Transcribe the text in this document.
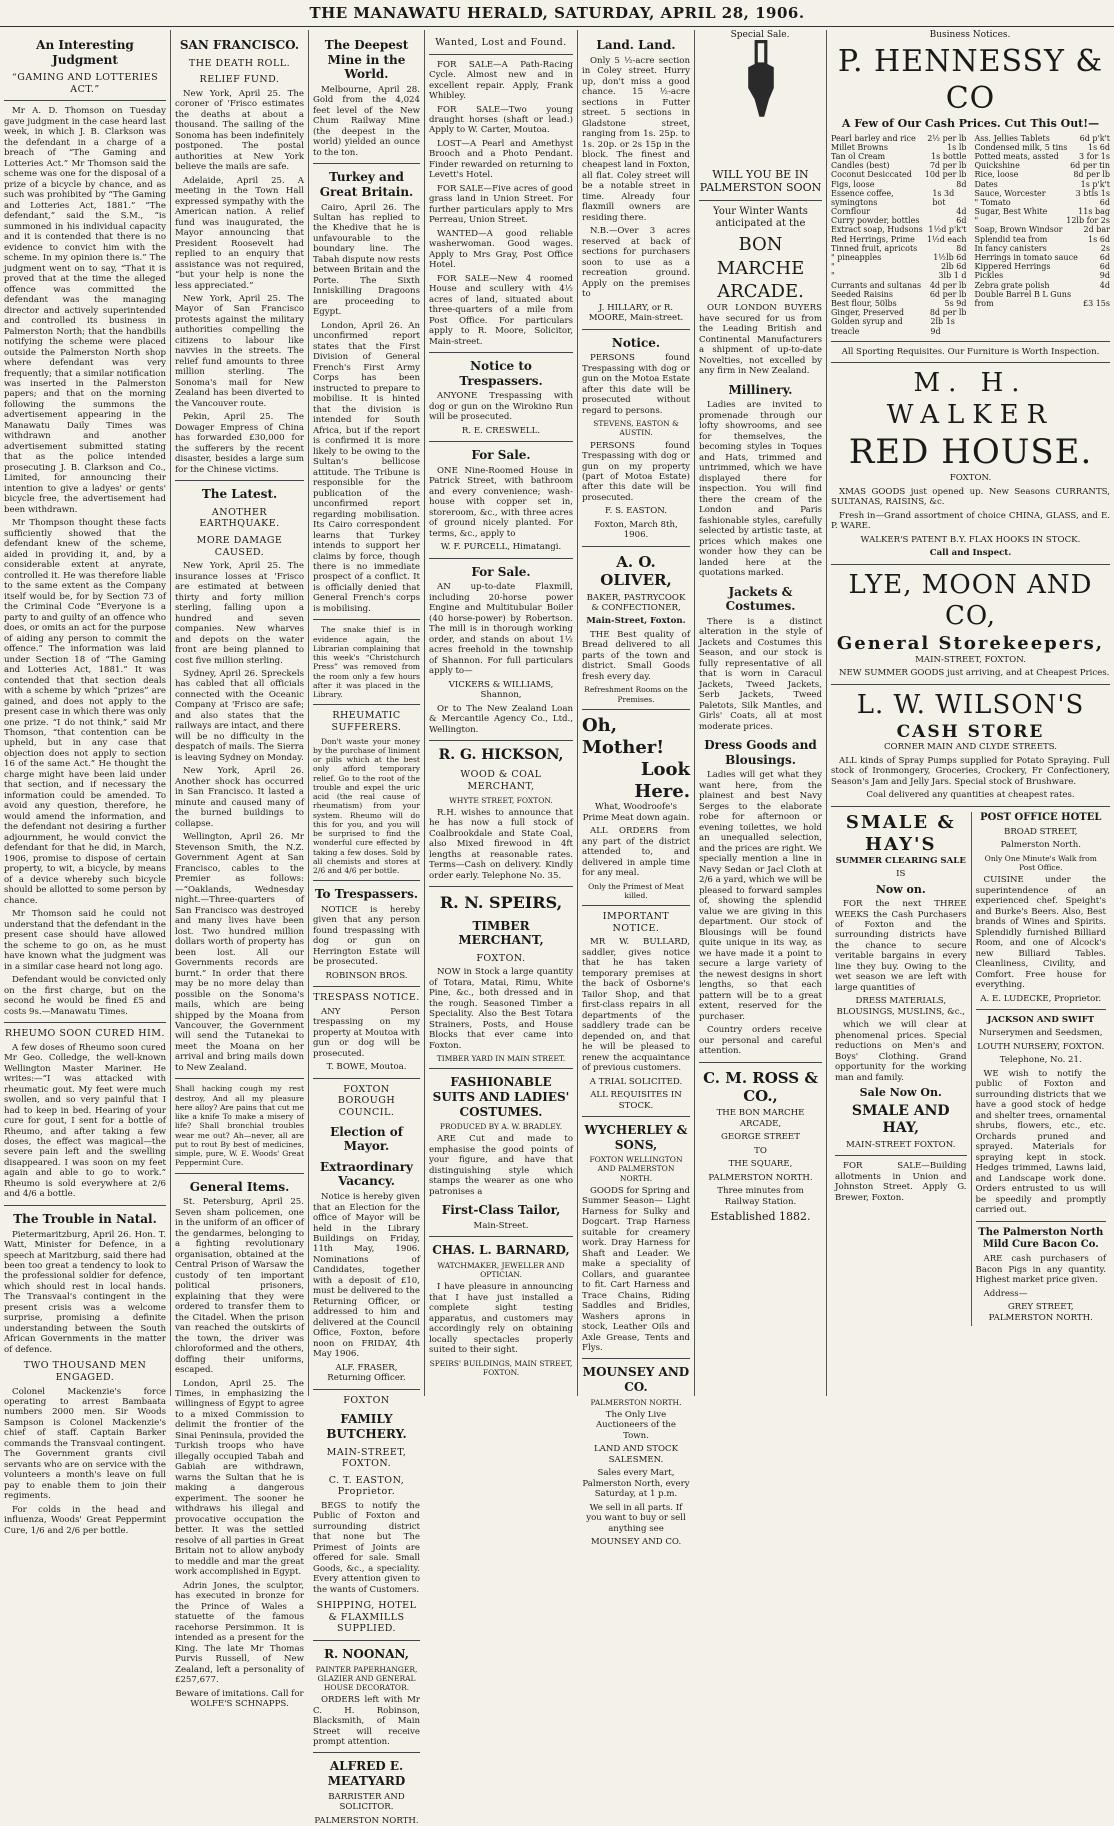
THE MANAWATU HERALD, SATURDAY, APRIL 28, 1906.
Special Sale.	Business Notices.
An Interesting Judgment
“GAMING AND LOTTERIES ACT.”

Mr A. D. Thomson on Tuesday gave judgment in the case heard last week, in which J. B. Clarkson was the defendant in a charge of a breach of “The Gaming and Lotteries Act.” Mr Thomson said the scheme was one for the disposal of a prize of a bicycle by chance, and as such was prohibited by “The Gaming and Lotteries Act, 1881.” “The defendant,” said the S.M., “is summoned in his individual capacity and it is contended that there is no evidence to convict him with the scheme. In my opinion there is.” The judgment went on to say, “That it is proved that at the time the alleged offence was committed the defendant was the managing director and actively superintended and controlled its business in Palmerston North; that the handbills notifying the scheme were placed outside the Palmerston North shop where defendant was very frequently; that a similar notification was inserted in the Palmerston papers; and that on the morning following the summons the advertisement appearing in the Manawatu Daily Times was withdrawn and another advertisement submitted stating that as the police intended prosecuting J. B. Clarkson and Co., Limited, for announcing their intention to give a ladyes' or gents' bicycle free, the advertisement had been withdrawn.

Mr Thompson thought these facts sufficiently showed that the defendant knew of the scheme, aided in providing it, and, by a considerable extent at anyrate, controlled it. He was therefore liable to the same extent as the Company itself would be, for by Section 73 of the Criminal Code “Everyone is a party to and guilty of an offence who does, or omits an act for the purpose of aiding any person to commit the offence.” The information was laid under Section 18 of “The Gaming and Lotteries Act, 1881.” It was contended that that section deals with a scheme by which “prizes” are gained, and does not apply to the present case in which there was only one prize. “I do not think,” said Mr Thomson, “that contention can be upheld, but in any case that objection does not apply to section 16 of the same Act.” He thought the charge might have been laid under that section, and if necessary the information could be amended. To avoid any question, therefore, he would amend the information, and the defendant not desiring a further adjournment, he would convict the defendant for that he did, in March, 1906, promise to dispose of certain property, to wit, a bicycle, by means of a device whereby such bicycle should be allotted to some person by chance.

Mr Thomson said he could not understand that the defendant in the present case should have allowed the scheme to go on, as he must have known what the judgment was in a similar case heard not long ago.

Defendant would be convicted only on the first charge, but on the second he would be fined £5 and costs 9s.—Manawatu Times.

RHEUMO SOON CURED HIM.

A few doses of Rheumo soon cured Mr Geo. Colledge, the well-known Wellington Master Mariner. He writes:—“I was attacked with rheumatic gout. My feet were much swollen, and so very painful that I had to keep in bed. Hearing of your cure for gout, I sent for a bottle of Rheumo, and after taking a few doses, the effect was magical—the severe pain left and the swelling disappeared. I was soon on my feet again and able to go to work.” Rheumo is sold everywhere at 2/6 and 4/6 a bottle.

The Trouble in Natal.

Pietermaritzburg, April 26. Hon. T. Watt, Minister for Defence, in a speech at Maritzburg, said there had been too great a tendency to look to the professional soldier for defence, which should rest in local hands. The Transvaal's contingent in the present crisis was a welcome surprise, promising a definite understanding between the South African Governments in the matter of defence.

TWO THOUSAND MEN ENGAGED.

Colonel Mackenzie's force operating to arrest Bambaata numbers 2000 men. Sir Woods Sampson is Colonel Mackenzie's chief of staff. Captain Barker commands the Transvaal contingent. The Government grants civil servants who are on service with the volunteers a month's leave on full pay to enable them to join their regiments.

For colds in the head and influenza, Woods' Great Peppermint Cure, 1/6 and 2/6 per bottle.

SAN FRANCISCO.
THE DEATH ROLL.
RELIEF FUND.

New York, April 25. The coroner of 'Frisco estimates the deaths at about a thousand. The sailing of the Sonoma has been indefinitely postponed. The postal authorities at New York believe the mails are safe.

Adelaide, April 25. A meeting in the Town Hall expressed sympathy with the American nation. A relief fund was inaugurated, the Mayor announcing that President Roosevelt had replied to an enquiry that assistance was not required, “but your help is none the less appreciated.”

New York, April 25. The Mayor of San Francisco protests against the military authorities compelling the citizens to labour like navvies in the streets. The relief fund amounts to three million sterling. The Sonoma's mail for New Zealand has been diverted to the Vancouver route.

Pekin, April 25. The Dowager Empress of China has forwarded £30,000 for the sufferers by the recent disaster, besides a large sum for the Chinese victims.

The Latest.
ANOTHER EARTHQUAKE.
MORE DAMAGE CAUSED.

New York, April 25. The insurance losses at 'Frisco are estimated at between thirty and forty million sterling, falling upon a hundred and seven companies. New wharves and depots on the water front are being planned to cost five million sterling.

Sydney, April 26. Spreckels has cabled that all officials connected with the Oceanic Company at 'Frisco are safe; and also states that the railways are intact, and there will be no difficulty in the despatch of mails. The Sierra is leaving Sydney on Monday.

New York, April 26. Another shock has occurred in San Francisco. It lasted a minute and caused many of the burned buildings to collapse.

Wellington, April 26. Mr Stevenson Smith, the N.Z. Government Agent at San Francisco, cables to the Premier as follows:—“Oaklands, Wednesday night.—Three-quarters of San Francisco was destroyed and many lives have been lost. Two hundred million dollars worth of property has been lost. All our Governments records are burnt.” In order that there may be no more delay than possible on the Sonoma's mails, which are being shipped by the Moana from Vancouver, the Government will send the Tutanekai to meet the Moana on her arrival and bring mails down to New Zealand.

Shall hacking cough my rest destroy, And all my pleasure here alloy? Are pains that cut me like a knife To make a misery of life? Shall bronchial troubles wear me out? Ah—never, all are put to rout By best of medicines, simple, pure, W. E. Woods' Great Peppermint Cure.

General Items.

St. Petersburg, April 25. Seven sham policemen, one in the uniform of an officer of the gendarmes, belonging to a fighting revolutionary organisation, obtained at the Central Prison of Warsaw the custody of ten important political prisoners, explaining that they were ordered to transfer them to the Citadel. When the prison van reached the outskirts of the town, the driver was chloroformed and the others, doffing their uniforms, escaped.

London, April 25. The Times, in emphasizing the willingness of Egypt to agree to a mixed Commission to delimit the frontier of the Sinai Peninsula, provided the Turkish troops who have illegally occupied Tabah and Gabiah are withdrawn, warns the Sultan that he is making a dangerous experiment. The sooner he withdraws his illegal and provocative occupation the better. It was the settled resolve of all parties in Great Britain not to allow anybody to meddle and mar the great work accomplished in Egypt.

Adrin Jones, the sculptor, has executed in bronze for the Prince of Wales a statuette of the famous racehorse Persimmon. It is intended as a present for the King. The late Mr Thomas Purvis Russell, of New Zealand, left a personality of £257,677.

Beware of imitations. Call for WOLFE'S SCHNAPPS.

The Deepest Mine in the World.

Melbourne, April 28. Gold from the 4,024 feet level of the New Chum Railway Mine (the deepest in the world) yielded an ounce to the ton.

Turkey and Great Britain.

Cairo, April 26. The Sultan has replied to the Khedive that he is unfavourable to the boundary line. The Tabah dispute now rests between Britain and the Porte. The Sixth Inniskilling Dragoons are proceeding to Egypt.

London, April 26. An unconfirmed report states that the First Division of General French's First Army Corps has been instructed to prepare to mobilise. It is hinted that the division is intended for South Africa, but if the report is confirmed it is more likely to be owing to the Sultan's bellicose attitude. The Tribune is responsible for the publication of the unconfirmed report regarding mobilisation. Its Cairo correspondent learns that Turkey intends to support her claims by force, though there is no immediate prospect of a conflict. It is officially denied that General French's corps is mobilising.

The snake thief is in evidence again, the Librarian complaining that this week's “Christchurch Press” was removed from the room only a few hours after it was placed in the Library.

RHEUMATIC SUFFERERS.

Don't waste your money by the purchase of liniment or pills which at the best only afford temporary relief. Go to the root of the trouble and expel the uric acid (the real cause of rheumatism) from your system. Rheumo will do this for you, and you will be surprised to find the wonderful cure effected by taking a few doses. Sold by all chemists and stores at 2/6 and 4/6 per bottle.

To Trespassers.

NOTICE is hereby given that any person found trespassing with dog or gun on Herrington Estate will be prosecuted.

ROBINSON BROS.

TRESPASS NOTICE.

ANY Person trespassing on my property at Moutoa with gun or dog will be prosecuted.

T. BOWE, Moutoa.

FOXTON BOROUGH COUNCIL.
Election of Mayor.
Extraordinary Vacancy.

Notice is hereby given that an Election for the office of Mayor will be held in the Library Buildings on Friday, 11th May, 1906. Nominations of Candidates, together with a deposit of £10, must be delivered to the Returning Officer, or addressed to him and delivered at the Council Office, Foxton, before noon on FRIDAY, 4th May 1906.

ALF. FRASER, Returning Officer.

FOXTON
FAMILY BUTCHERY.
MAIN-STREET, FOXTON.
C. T. EASTON, Proprietor.

BEGS to notify the Public of Foxton and surrounding district that none but The Primest of Joints are offered for sale. Small Goods, &c., a speciality. Every attention given to the wants of Customers.

SHIPPING, HOTEL & FLAXMILLS SUPPLIED.
R. NOONAN,

PAINTER PAPERHANGER, GLAZIER AND GENERAL HOUSE DECORATOR.

ORDERS left with Mr C. H. Robinson, Blacksmith, of Main Street will receive prompt attention.

ALFRED E. MEATYARD

BARRISTER AND SOLICITOR.

PALMERSTON NORTH.

Wanted, Lost and Found.

FOR SALE—A Path-Racing Cycle. Almost new and in excellent repair. Apply, Frank Whibley.

FOR SALE—Two young draught horses (shaft or lead.) Apply to W. Carter, Moutoa.

LOST—A Pearl and Amethyst Brooch and a Photo Pendant. Finder rewarded on returning to Levett's Hotel.

FOR SALE—Five acres of good grass land in Union Street. For further particulars apply to Mrs Perreau, Union Street.

WANTED—A good reliable washerwoman. Good wages. Apply to Mrs Gray, Post Office Hotel.

FOR SALE—New 4 roomed House and scullery with 4½ acres of land, situated about three-quarters of a mile from Post Office. For particulars apply to R. Moore, Solicitor, Main-street.

Notice to Trespassers.

ANYONE Trespassing with dog or gun on the Wirokino Run will be prosecuted.

R. E. CRESWELL.

For Sale.

ONE Nine-Roomed House in Patrick Street, with bathroom and every convenience; wash-house with copper set in, storeroom, &c., with three acres of ground nicely planted. For terms, &c., apply to

W. F. PURCELL, Himatangi.

For Sale.

AN up-to-date Flaxmill, including 20-horse power Engine and Multitubular Boiler (40 horse-power) by Robertson. The mill is in thorough working order, and stands on about 1½ acres freehold in the township of Shannon. For full particulars apply to—

VICKERS & WILLIAMS, Shannon,

Or to The New Zealand Loan & Mercantile Agency Co., Ltd., Wellington.

R. G. HICKSON,
WOOD & COAL MERCHANT,

WHYTE STREET, FOXTON.

R.H. wishes to announce that he has now a full stock of Coalbrookdale and State Coal, also Mixed firewood in 4ft lengths at reasonable rates. Terms—Cash on delivery. Kindly order early. Telephone No. 35.

R. N. SPEIRS,
TIMBER MERCHANT,
FOXTON.

NOW in Stock a large quantity of Totara, Matai, Rimu, White Pine, &c., both dressed and in the rough. Seasoned Timber a Speciality. Also the Best Totara Strainers, Posts, and House Blocks that ever came into Foxton.

TIMBER YARD IN MAIN STREET.

FASHIONABLE SUITS AND LADIES' COSTUMES.

PRODUCED BY A. W. BRADLEY.

ARE Cut and made to emphasise the good points of your figure, and have that distinguishing style which stamps the wearer as one who patronises a

First-Class Tailor,

Main-Street.

CHAS. L. BARNARD,

WATCHMAKER, JEWELLER AND OPTICIAN.

I have pleasure in announcing that I have just installed a complete sight testing apparatus, and customers may accordingly rely on obtaining locally spectacles properly suited to their sight.

SPEIRS' BUILDINGS, MAIN STREET, FOXTON.

Land. Land.

Only 5 ½-acre section in Coley street. Hurry up, don't miss a good chance. 15 ½-acre sections in Futter street. 5 sections in Gladstone street, ranging from 1s. 25p. to 1s. 20p. or 2s 15p in the block. The finest and cheapest land in Foxton, all flat. Coley street will be a notable street in time. Already four flaxmill owners are residing there.

N.B.—Over 3 acres reserved at back of sections for purchasers soon to use as a recreation ground. Apply on the premises to

J. HILLARY, or R. MOORE, Main-street.

Notice.

PERSONS found Trespassing with dog or gun on the Motoa Estate after this date will be prosecuted without regard to persons.

STEVENS, EASTON & AUSTIN.

PERSONS found Trespassing with dog or gun on my property (part of Motoa Estate) after this date will be prosecuted.

F. S. EASTON.

Foxton, March 8th, 1906.

A. O. OLIVER,

BAKER, PASTRYCOOK & CONFECTIONER,

Main-Street, Foxton.

THE Best quality of Bread delivered to all parts of the town and district. Small Goods fresh every day.

Refreshment Rooms on the Premises.

Oh, Mother!
Look Here.

What, Woodroofe's Prime Meat down again.

ALL ORDERS from any part of the district attended to, and delivered in ample time for any meal.

Only the Primest of Meat killed.

IMPORTANT NOTICE.

MR W. BULLARD, saddler, gives notice that he has taken temporary premises at the back of Osborne's Tailor Shop, and that first-class repairs in all departments of the saddlery trade can be depended on, and that he will be pleased to renew the acquaintance of previous customers.

A TRIAL SOLICITED.

ALL REQUISITES IN STOCK.

WYCHERLEY & SONS,

FOXTON WELLINGTON AND PALMERSTON NORTH.

GOODS for Spring and Summer Season— Light Harness for Sulky and Dogcart. Trap Harness suitable for creamery work. Dray Harness for Shaft and Leader. We make a speciality of Collars, and guarantee to fit. Cart Harness and Trace Chains, Riding Saddles and Bridles, Washers aprons in stock, Leather Oils and Axle Grease, Tents and Flys.

MOUNSEY AND CO.

PALMERSTON NORTH.

The Only Live Auctioneers of the Town.

LAND AND STOCK SALESMEN.

Sales every Mart, Palmerston North, every Saturday, at 1 p.m.

We sell in all parts. If you want to buy or sell anything see

MOUNSEY AND CO.

WILL YOU BE IN PALMERSTON SOON

Your Winter Wants anticipated at the

BON MARCHE ARCADE.

OUR LONDON BUYERS have secured for us from the Leading British and Continental Manufacturers a shipment of up-to-date Novelties, not excelled by any firm in New Zealand.

Millinery.

Ladies are invited to promenade through our lofty showrooms, and see for themselves, the becoming styles in Toques and Hats, trimmed and untrimmed, which we have displayed there for inspection. You will find there the cream of the London and Paris fashionable styles, carefully selected by artistic taste, at prices which makes one wonder how they can be landed here at the quotations marked.

Jackets & Costumes.

There is a distinct alteration in the style of Jackets and Costumes this Season, and our stock is fully representative of all that is worn in Caracul Jackets, Tweed Jackets, Serb Jackets, Tweed Paletots, Silk Mantles, and Girls' Coats, all at most moderate prices.

Dress Goods and Blousings.

Ladies will get what they want here, from the plainest and best Navy Serges to the elaborate robe for afternoon or evening toilettes, we hold an unequalled selection, and the prices are right. We specially mention a line in Navy Sedan or Jacl Cloth at 2/6 a yard, which we will be pleased to forward samples of, showing the splendid value we are giving in this department. Our stock of Blousings will be found quite unique in its way, as we have made it a point to secure a large variety of the newest designs in short lengths, so that each pattern will be to a great extent, reserved for the purchaser.

Country orders receive our personal and careful attention.

C. M. ROSS & CO.,

THE BON MARCHE ARCADE,

GEORGE STREET

TO

THE SQUARE,

PALMERSTON NORTH.

Three minutes from Railway Station.

Established 1882.

P. HENNESSY & CO

A Few of Our Cash Prices. Cut This Out!—

Pearl barley and rice 2½ per lb
Millet Browns	1s lb
Tan ol Cream	1s bottle
Candles (best)	7d per lb
Coconut Desiccated 10d per lb
Figs, loose	8d
Essence coffee, symingtons
1s 3d bot
Cornflour	4d
Curry powder, bottles	6d
Extract soap, Hudsons 1½d p'k't
Red Herrings, Prime 1½d each
Tinned fruit, apricots	8d
" pineapples	1½lb 6d
"	2lb 6d
"	3lb 1 d
Currants and sultanas 4d per lb
Seeded Raisins	6d per lb
Best flour, 50lbs	5s 9d
Ginger, Preserved	8d per lb
Golden syrup and treacle
2lb 1s 9d
Ass. Jellies Tablets	6d p'k't
Condensed milk, 5 tins	1s 6d
Potted meats, assted	3 for 1s
Quickshine	6d per tin
Rice, loose	8d per lb
Dates	1s p'k't
Sauce, Worcester	3 btls 1s
" Tomato	6d
Sugar, Best White	11s bag
"	12lb for 2s
Soap, Brown Windsor	2d bar
Splendid tea from	1s 6d
In fancy canisters	2s
Herrings in tomato sauce	6d
Kippered Herrings	6d
Pickles	9d
Zebra grate polish	4d
Double Barrel B L Guns
from	£3 15s

All Sporting Requisites. Our Furniture is Worth Inspection.

M. H. WALKER
RED HOUSE.

FOXTON.

XMAS GOODS just opened up. New Seasons CURRANTS, SULTANAS, RAISINS, &c.

Fresh in—Grand assortment of choice CHINA, GLASS, and E. P. WARE.

WALKER'S PATENT B.Y. FLAX HOOKS IN STOCK.

Call and Inspect.

LYE, MOON AND CO,
General Storekeepers,

MAIN-STREET, FOXTON.

NEW SUMMER GOODS just arriving, and at Cheapest Prices.

L. W. WILSON'S
CASH STORE

CORNER MAIN AND CLYDE STREETS.

ALL kinds of Spray Pumps supplied for Potato Spraying. Full stock of Ironmongery, Groceries, Crockery, Fr Confectionery, Season's Jam and Jelly Jars. Special stock of Brushware.

Coal delivered any quantities at cheapest rates.

SMALE & HAY'S

SUMMER CLEARING SALE

IS

Now on.

FOR the next THREE WEEKS the Cash Purchasers of Foxton and the surrounding districts have the chance to secure veritable bargains in every line they buy. Owing to the wet season we are left with large quantities of

DRESS MATERIALS, BLOUSINGS, MUSLINS, &c.,

which we will clear at phenomenal prices. Special reductions on Men's and Boys' Clothing. Grand opportunity for the working man and family.

Sale Now On.

SMALE AND HAY,

MAIN-STREET FOXTON.

FOR SALE—Building allotments in Union and Johnston Street. Apply G. Brewer, Foxton.

POST OFFICE HOTEL

BROAD STREET,

Palmerston North.

Only One Minute's Walk from Post Office.

CUISINE under the superintendence of an experienced chef. Speight's and Burke's Beers. Also, Best brands of Wines and Spirits. Splendidly furnished Billiard Room, and one of Alcock's new Billiard Tables. Cleanliness, Civility, and Comfort. Free house for everything.

A. E. LUDECKE, Proprietor.

JACKSON AND SWIFT

Nurserymen and Seedsmen,

LOUTH NURSERY, FOXTON.

Telephone, No. 21.

WE wish to notify the public of Foxton and surrounding districts that we have a good stock of hedge and shelter trees, ornamental shrubs, flowers, etc., etc. Orchards pruned and sprayed. Materials for spraying kept in stock. Hedges trimmed, Lawns laid, and Landscape work done. Orders entrusted to us will be speedily and promptly carried out.

The Palmerston North Mild Cure Bacon Co.

ARE cash purchasers of Bacon Pigs in any quantity. Highest market price given.

Address—

GREY STREET, PALMERSTON NORTH.
